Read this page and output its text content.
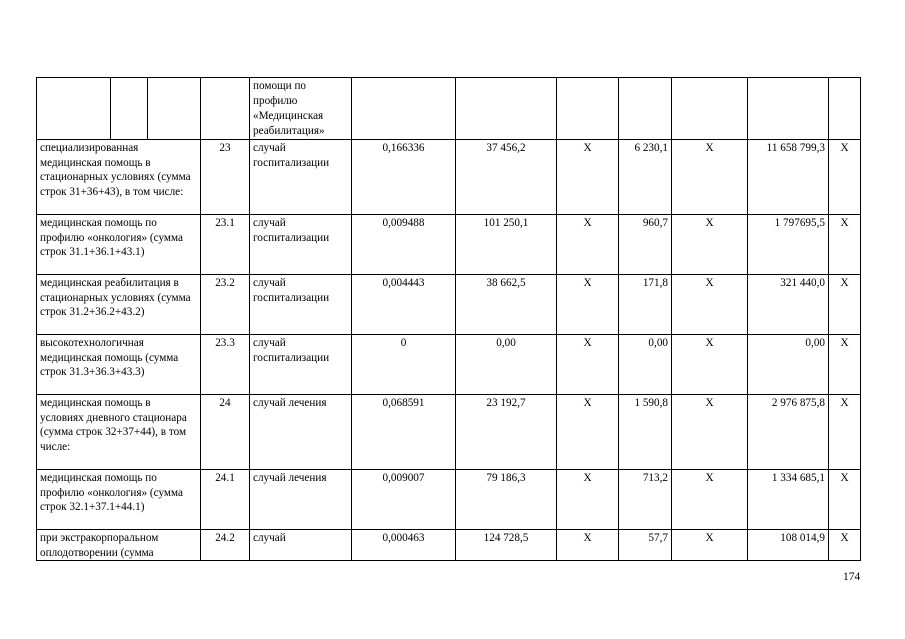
				помощи по профилю «Медицинская реабилитация»							
специализированная медицинская помощь в стационарных условиях (сумма строк 31+36+43), в том числе:			23	случай госпитализации	0,166336	37 456,2	X	6 230,1	X	11 658 799,3	X
медицинская помощь по профилю «онкология» (сумма строк 31.1+36.1+43.1)			23.1	случай госпитализации	0,009488	101 250,1	X	960,7	X	1 797695,5	X
медицинская реабилитация в стационарных условиях (сумма строк 31.2+36.2+43.2)			23.2	случай госпитализации	0,004443	38 662,5	X	171,8	X	321 440,0	X
высокотехнологичная медицинская помощь (сумма строк 31.3+36.3+43.3)			23.3	случай госпитализации	0	0,00	X	0,00	X	0,00	X
медицинская помощь в условиях дневного стационара (сумма строк 32+37+44), в том числе:			24	случай лечения	0,068591	23 192,7	X	1 590,8	X	2 976 875,8	X
медицинская помощь по профилю «онкология» (сумма строк 32.1+37.1+44.1)			24.1	случай лечения	0,009007	79 186,3	X	713,2	X	1 334 685,1	X
при экстракорпоральном оплодотворении (сумма			24.2	случай	0,000463	124 728,5	X	57,7	X	108 014,9	X
174
